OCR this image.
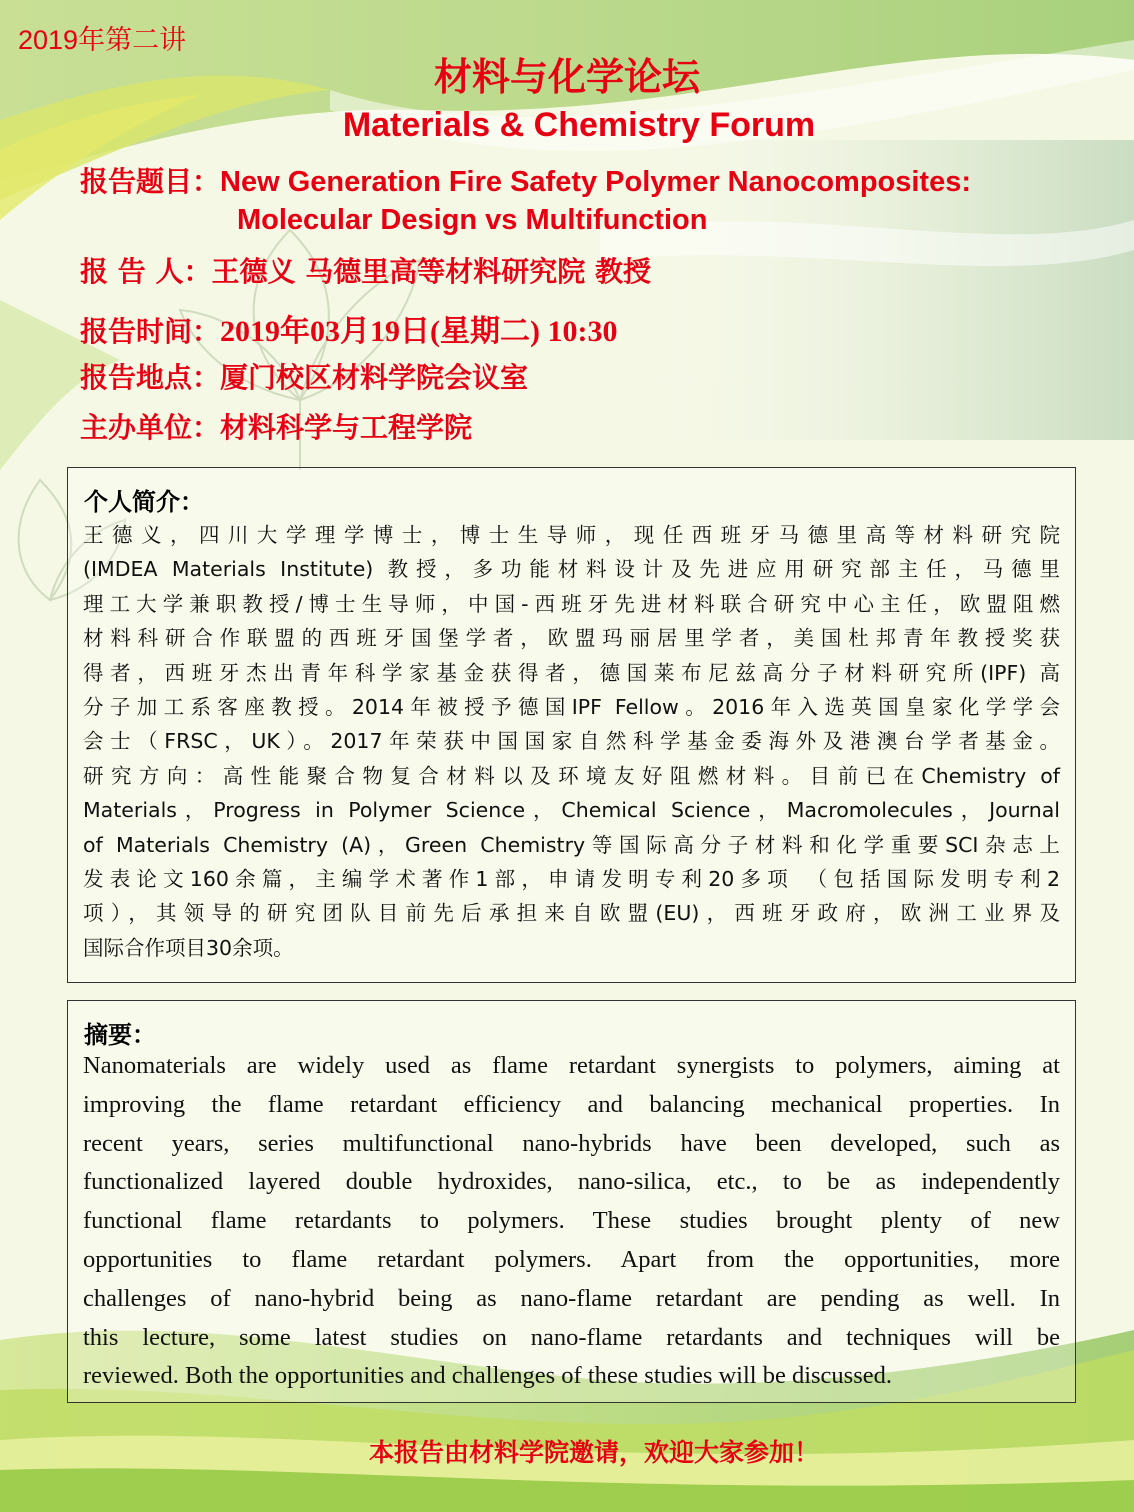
2019年第二讲
材料与化学论坛
Materials & Chemistry Forum
报告题目：New Generation Fire Safety Polymer Nanocomposites:
Molecular Design vs Multifunction
报 告 人：王德义 马德里高等材料研究院 教授
报告时间：2019年03月19日(星期二) 10:30
报告地点：厦门校区材料学院会议室
主办单位：材料科学与工程学院
个人简介：
王德义，四川大学理学博士，博士生导师，现任西班牙马德里高等材料研究院
(IMDEA Materials Institute) 教授，多功能材料设计及先进应用研究部主任，马德里
理工大学兼职教授/博士生导师，中国-西班牙先进材料联合研究中心主任，欧盟阻燃
材料科研合作联盟的西班牙国堡学者，欧盟玛丽居里学者，美国杜邦青年教授奖获
得者，西班牙杰出青年科学家基金获得者，德国莱布尼兹高分子材料研究所(IPF) 高
分子加工系客座教授。2014年被授予德国IPF Fellow。2016年入选英国皇家化学学会
会士（FRSC，UK）。2017年荣获中国国家自然科学基金委海外及港澳台学者基金。
研究方向：高性能聚合物复合材料以及环境友好阻燃材料。目前已在Chemistry of
Materials，Progress in Polymer Science，Chemical Science，Macromolecules，Journal
of Materials Chemistry (A)，Green Chemistry等国际高分子材料和化学重要SCI杂志上
发表论文160余篇，主编学术著作1部，申请发明专利20多项 （包括国际发明专利2
项），其领导的研究团队目前先后承担来自欧盟(EU)，西班牙政府，欧洲工业界及
国际合作项目30余项。
摘要：
Nanomaterials are widely used as flame retardant synergists to polymers, aiming at
improving the flame retardant efficiency and balancing mechanical properties. In
recent years, series multifunctional nano-hybrids have been developed, such as
functionalized layered double hydroxides, nano-silica, etc., to be as independently
functional flame retardants to polymers. These studies brought plenty of new
opportunities to flame retardant polymers. Apart from the opportunities, more
challenges of nano-hybrid being as nano-flame retardant are pending as well. In
this lecture, some latest studies on nano-flame retardants and techniques will be
reviewed. Both the opportunities and challenges of these studies will be discussed.
本报告由材料学院邀请，欢迎大家参加！
